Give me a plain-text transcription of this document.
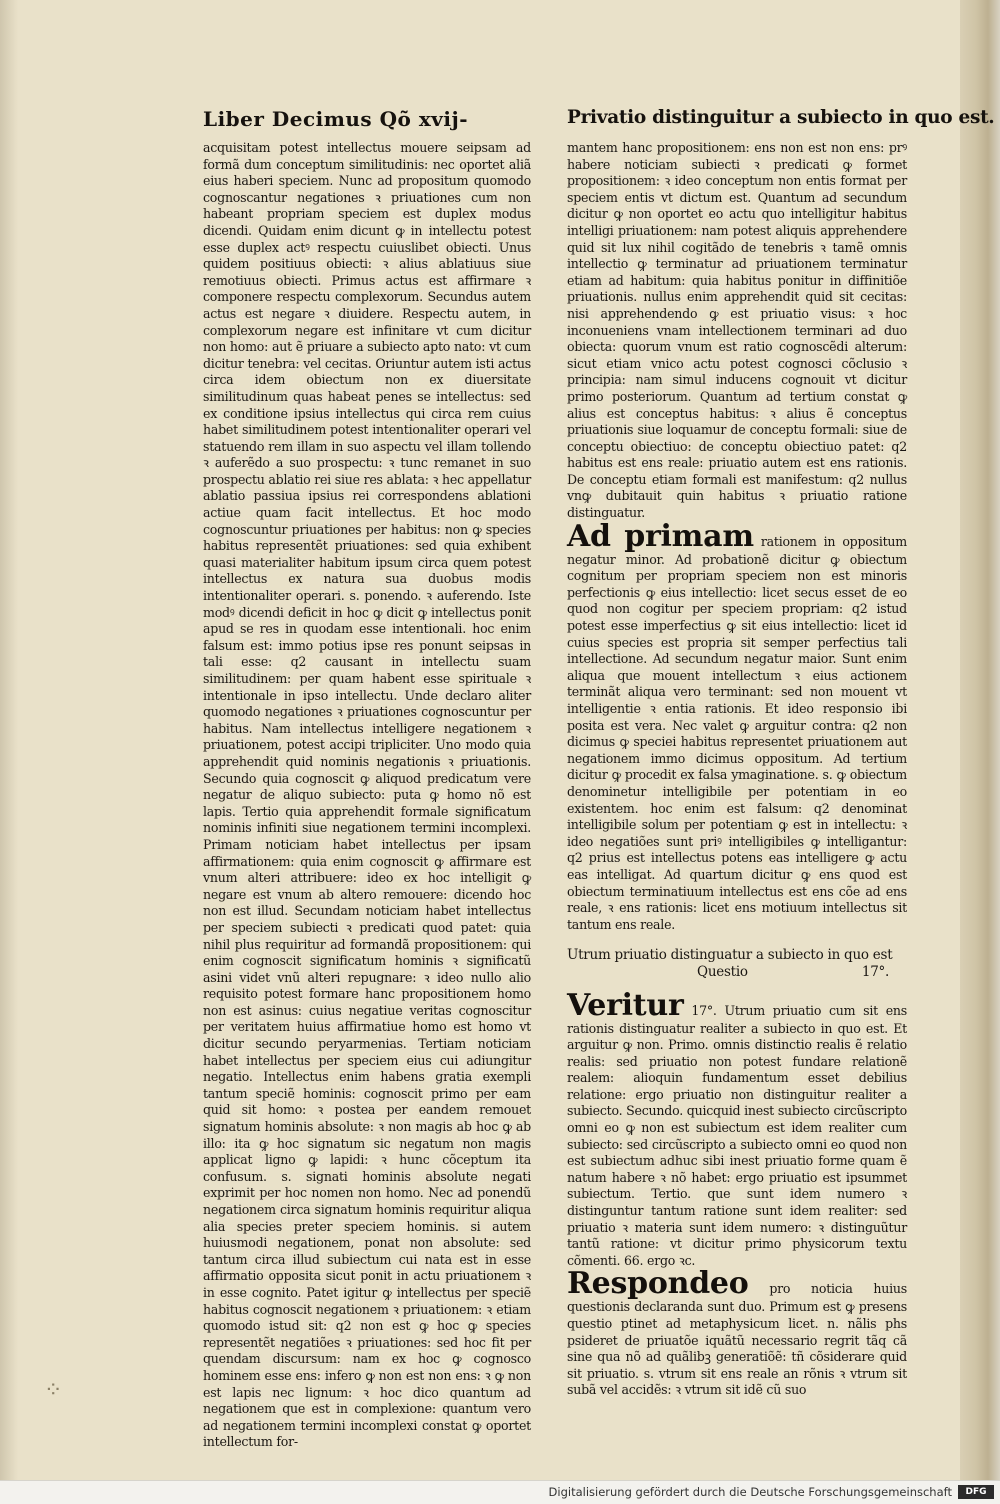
Liber Decimus Qõ xvij-	Privatio distinguitur a subiecto in quo est.

acquisitam potest intellectus mouere seipsam ad formã dum conceptum similitudinis: nec oportet aliã eius haberi speciem. Nunc ad propositum quomodo cognoscantur negationes ꝛ priuationes cum non habeant propriam speciem est duplex modus dicendi. Quidam enim dicunt ꝙ in intellectu potest esse duplex actꝰ respectu cuiuslibet obiecti. Unus quidem positiuus obiecti: ꝛ alius ablatiuus siue remotiuus obiecti. Primus actus est affirmare ꝛ componere respectu complexorum. Secundus autem actus est negare ꝛ diuidere. Respectu autem, in complexorum negare est infinitare vt cum dicitur non homo: aut ẽ priuare a subiecto apto nato: vt cum dicitur tenebra: vel cecitas. Oriuntur autem isti actus circa idem obiectum non ex diuersitate similitudinum quas habeat penes se intellectus: sed ex conditione ipsius intellectus qui circa rem cuius habet similitudinem potest intentionaliter operari vel statuendo rem illam in suo aspectu vel illam tollendo ꝛ auferẽdo a suo prospectu: ꝛ tunc remanet in suo prospectu ablatio rei siue res ablata: ꝛ hec appellatur ablatio passiua ipsius rei correspondens ablationi actiue quam facit intellectus. Et hoc modo cognoscuntur priuationes per habitus: non ꝙ species habitus representẽt priuationes: sed quia exhibent quasi materialiter habitum ipsum circa quem potest intellectus ex natura sua duobus modis intentionaliter operari. s. ponendo. ꝛ auferendo. Iste modꝰ dicendi deficit in hoc ꝙ dicit ꝙ intellectus ponit apud se res in quodam esse intentionali. hoc enim falsum est: immo potius ipse res ponunt seipsas in tali esse: q2 causant in intellectu suam similitudinem: per quam habent esse spirituale ꝛ intentionale in ipso intellectu. Unde declaro aliter quomodo negationes ꝛ priuationes cognoscuntur per habitus. Nam intellectus intelligere negationem ꝛ priuationem, potest accipi tripliciter. Uno modo quia apprehendit quid nominis negationis ꝛ priuationis. Secundo quia cognoscit ꝙ aliquod predicatum vere negatur de aliquo subiecto: puta ꝙ homo nõ est lapis. Tertio quia apprehendit formale significatum nominis infiniti siue negationem termini incomplexi. Primam noticiam habet intellectus per ipsam affirmationem: quia enim cognoscit ꝙ affirmare est vnum alteri attribuere: ideo ex hoc intelligit ꝙ negare est vnum ab altero remouere: dicendo hoc non est illud. Secundam noticiam habet intellectus per speciem subiecti ꝛ predicati quod patet: quia nihil plus requiritur ad formandã propositionem: qui enim cognoscit significatum hominis ꝛ significatũ asini videt vnũ alteri repugnare: ꝛ ideo nullo alio requisito potest formare hanc propositionem homo non est asinus: cuius negatiue veritas cognoscitur per veritatem huius affirmatiue homo est homo vt dicitur secundo peryarmenias. Tertiam noticiam habet intellectus per speciem eius cui adiungitur negatio. Intellectus enim habens gratia exempli tantum speciẽ hominis: cognoscit primo per eam quid sit homo: ꝛ postea per eandem remouet signatum hominis absolute: ꝛ non magis ab hoc ꝙ ab illo: ita ꝙ hoc signatum sic negatum non magis applicat ligno ꝙ lapidi: ꝛ hunc cõceptum ita confusum. s. signati hominis absolute negati exprimit per hoc nomen non homo. Nec ad ponendũ negationem circa signatum hominis requiritur aliqua alia species preter speciem hominis. si autem huiusmodi negationem, ponat non absolute: sed tantum circa illud subiectum cui nata est in esse affirmatio opposita sicut ponit in actu priuationem ꝛ in esse cognito. Patet igitur ꝙ intellectus per speciẽ habitus cognoscit negationem ꝛ priuationem: ꝛ etiam quomodo istud sit: q2 non est ꝙ hoc ꝙ species representẽt negatiões ꝛ priuationes: sed hoc fit per quendam discursum: nam ex hoc ꝙ cognosco hominem esse ens: infero ꝙ non est non ens: ꝛ ꝙ non est lapis nec lignum: ꝛ hoc dico quantum ad negationem que est in complexione: quantum vero ad negationem termini incomplexi constat ꝙ oportet intellectum for-

mantem hanc propositionem: ens non est non ens: prꝰ habere noticiam subiecti ꝛ predicati ꝙ formet propositionem: ꝛ ideo conceptum non entis format per speciem entis vt dictum est. Quantum ad secundum dicitur ꝙ non oportet eo actu quo intelligitur habitus intelligi priuationem: nam potest aliquis apprehendere quid sit lux nihil cogitãdo de tenebris ꝛ tamẽ omnis intellectio ꝙ terminatur ad priuationem terminatur etiam ad habitum: quia habitus ponitur in diffinitiõe priuationis. nullus enim apprehendit quid sit cecitas: nisi apprehendendo ꝙ est priuatio visus: ꝛ hoc inconueniens vnam intellectionem terminari ad duo obiecta: quorum vnum est ratio cognoscẽdi alterum: sicut etiam vnico actu potest cognosci cõclusio ꝛ principia: nam simul inducens cognouit vt dicitur primo posteriorum. Quantum ad tertium constat ꝙ alius est conceptus habitus: ꝛ alius ẽ conceptus priuationis siue loquamur de conceptu formali: siue de conceptu obiectiuo: de conceptu obiectiuo patet: q2 habitus est ens reale: priuatio autem est ens rationis. De conceptu etiam formali est manifestum: q2 nullus vnꝙ dubitauit quin habitus ꝛ priuatio ratione distinguatur.

Ad primam rationem in oppositum negatur minor. Ad probationẽ dicitur ꝙ obiectum cognitum per propriam speciem non est minoris perfectionis ꝙ eius intellectio: licet secus esset de eo quod non cogitur per speciem propriam: q2 istud potest esse imperfectius ꝙ sit eius intellectio: licet id cuius species est propria sit semper perfectius tali intellectione. Ad secundum negatur maior. Sunt enim aliqua que mouent intellectum ꝛ eius actionem terminãt aliqua vero terminant: sed non mouent vt intelligentie ꝛ entia rationis. Et ideo responsio ibi posita est vera. Nec valet ꝙ arguitur contra: q2 non dicimus ꝙ speciei habitus representet priuationem aut negationem immo dicimus oppositum. Ad tertium dicitur ꝙ procedit ex falsa ymaginatione. s. ꝙ obiectum denominetur intelligibile per potentiam in eo existentem. hoc enim est falsum: q2 denominat intelligibile solum per potentiam ꝙ est in intellectu: ꝛ ideo negatiões sunt priꝰ intelligibiles ꝙ intelligantur: q2 prius est intellectus potens eas intelligere ꝙ actu eas intelligat. Ad quartum dicitur ꝙ ens quod est obiectum terminatiuum intellectus est ens cõe ad ens reale, ꝛ ens rationis: licet ens motiuum intellectus sit tantum ens reale.

Utrum priuatio distinguatur a subiecto in quo est
Questio	17°.

Veritur 17°. Utrum priuatio cum sit ens rationis distinguatur realiter a subiecto in quo est. Et arguitur ꝙ non. Primo. omnis distinctio realis ẽ relatio realis: sed priuatio non potest fundare relationẽ realem: alioquin fundamentum esset debilius relatione: ergo priuatio non distinguitur realiter a subiecto. Secundo. quicquid inest subiecto circũscripto omni eo ꝙ non est subiectum est idem realiter cum subiecto: sed circũscripto a subiecto omni eo quod non est subiectum adhuc sibi inest priuatio forme quam ẽ natum habere ꝛ nõ habet: ergo priuatio est ipsummet subiectum. Tertio. que sunt idem numero ꝛ distinguntur tantum ratione sunt idem realiter: sed priuatio ꝛ materia sunt idem numero: ꝛ distinguũtur tantũ ratione: vt dicitur primo physicorum textu cõmenti. 66. ergo ꝛc.

Respondeo pro noticia huius questionis declaranda sunt duo. Primum est ꝙ presens questio ptinet ad metaphysicum licet. n. nãlis phs psideret de priuatõe iquãtũ necessario regrit tãq cã sine qua nõ ad quãlibꝫ generatiõẽ: tñ cõsiderare quid sit priuatio. s. vtrum sit ens reale an rõnis ꝛ vtrum sit subã vel accidẽs: ꝛ vtrum sit idẽ cũ suo

⁘
Digitalisierung gefördert durch die Deutsche Forschungsgemeinschaft	DFG
